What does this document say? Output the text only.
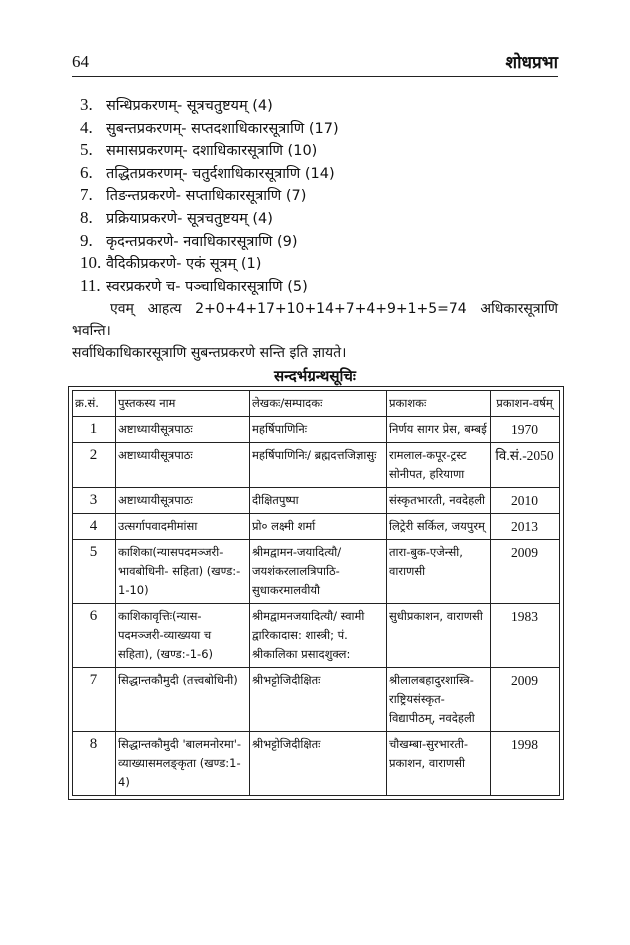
64	शोधप्रभा
3. सन्धिप्रकरणम्- सूत्रचतुष्टयम् (4)
4. सुबन्तप्रकरणम्- सप्तदशाधिकारसूत्राणि (17)
5. समासप्रकरणम्- दशाधिकारसूत्राणि (10)
6. तद्धितप्रकरणम्- चतुर्दशाधिकारसूत्राणि (14)
7. तिङन्तप्रकरणे- सप्ताधिकारसूत्राणि (7)
8. प्रक्रियाप्रकरणे- सूत्रचतुष्टयम् (4)
9. कृदन्तप्रकरणे- नवाधिकारसूत्राणि (9)
10. वैदिकीप्रकरणे- एकं सूत्रम् (1)
11. स्वरप्रकरणे च- पञ्चाधिकारसूत्राणि (5)
एवम् आहत्य 2+0+4+17+10+14+7+4+9+1+5=74 अधिकारसूत्राणि भवन्ति।
सर्वाधिकाधिकारसूत्राणि सुबन्तप्रकरणे सन्ति इति ज्ञायते।
सन्दर्भग्रन्थसूचिः
क्र.सं.	पुस्तकस्य नाम	लेखकः/सम्पादकः	प्रकाशकः	प्रकाशन-वर्षम्
1	अष्टाध्यायीसूत्रपाठः	महर्षिपाणिनिः	निर्णय सागर प्रेस, बम्बई	1970
2	अष्टाध्यायीसूत्रपाठः	महर्षिपाणिनिः/ ब्रह्मदत्तजिज्ञासुः	रामलाल-कपूर-ट्रस्ट सोनीपत, हरियाणा	वि.सं.-2050
3	अष्टाध्यायीसूत्रपाठः	दीक्षितपुष्पा	संस्कृतभारती, नवदेहली	2010
4	उत्सर्गापवादमीमांसा	प्रो० लक्ष्मी शर्मा	लिट्रेरी सर्किल, जयपुरम्	2013
5	काशिका(न्यासपदमञ्जरी-भावबोधिनी- सहिता) (खण्ड:- 1-10)	श्रीमद्वामन-जयादित्यौ/ जयशंकरलालत्रिपाठि-सुधाकरमालवीयौ	तारा-बुक-एजेन्सी, वाराणसी	2009
6	काशिकावृत्तिः(न्यास-पदमञ्जरी-व्याख्यया च सहिता), (खण्ड:-1-6)	श्रीमद्वामनजयादित्यौ/ स्वामी द्वारिकादास: शास्त्री; पं. श्रीकालिका प्रसादशुक्ल:	सुधीप्रकाशन, वाराणसी	1983
7	सिद्धान्तकौमुदी (तत्त्वबोधिनी)	श्रीभट्टोजिदीक्षितः	श्रीलालबहादुरशास्त्रि-राष्ट्रियसंस्कृत-विद्यापीठम्, नवदेहली	2009
8	सिद्धान्तकौमुदी 'बालमनोरमा'-व्याख्यासमलङ्कृता (खण्ड:1-4)	श्रीभट्टोजिदीक्षितः	चौखम्बा-सुरभारती-प्रकाशन, वाराणसी	1998
